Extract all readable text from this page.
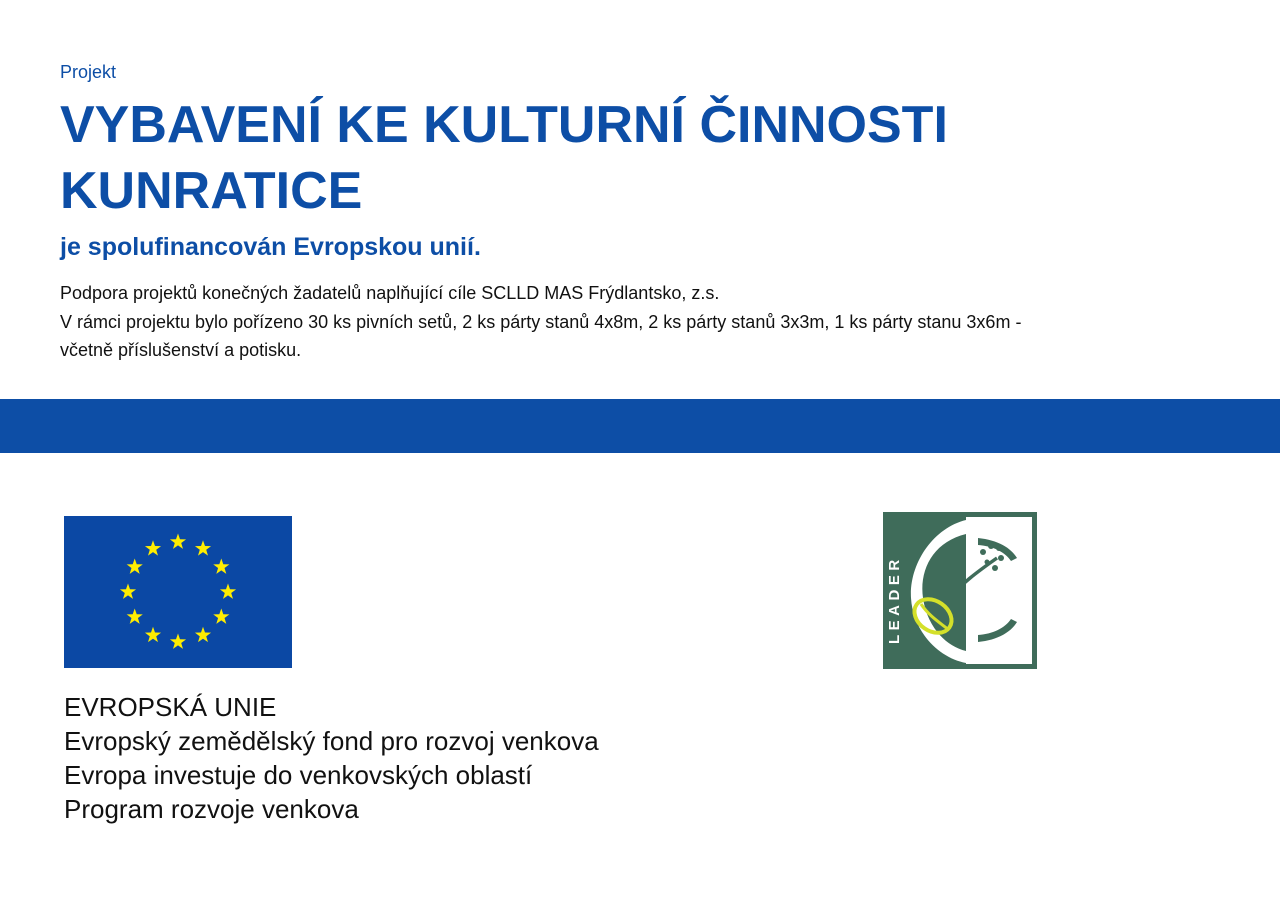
Projekt
VYBAVENÍ KE KULTURNÍ ČINNOSTI
KUNRATICE
je spolufinancován Evropskou unií.
Podpora projektů konečných žadatelů naplňující cíle SCLLD MAS Frýdlantsko, z.s.
V rámci projektu bylo pořízeno 30 ks pivních setů, 2 ks párty stanů 4x8m, 2 ks párty stanů 3x3m, 1 ks párty stanu 3x6m -
včetně příslušenství a potisku.
EVROPSKÁ UNIE
Evropský zemědělský fond pro rozvoj venkova
Evropa investuje do venkovských oblastí
Program rozvoje venkova
LEADER
